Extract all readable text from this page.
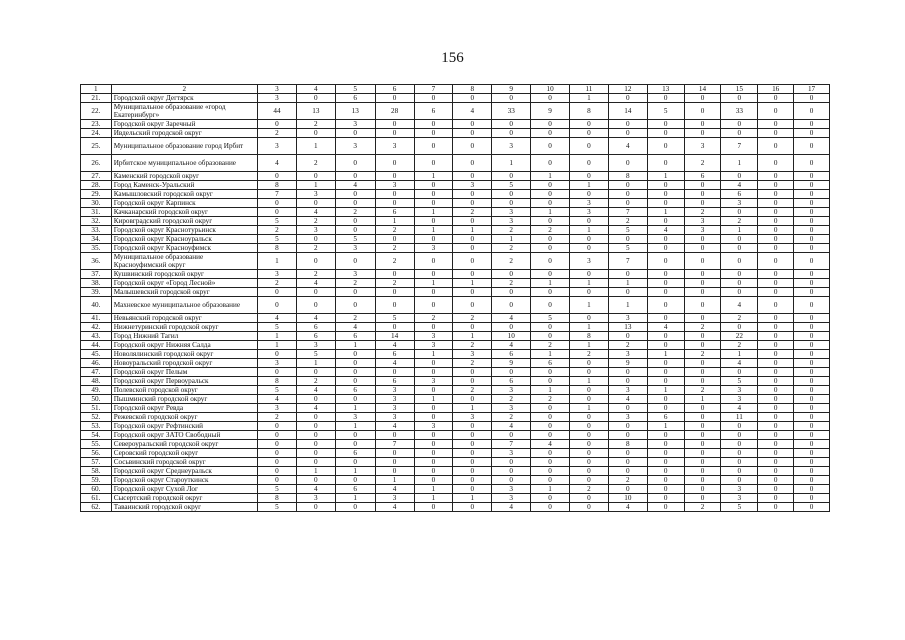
156
1	2	3	4	5	6	7	8	9	10	11	12	13	14	15	16	17
21.	Городской округ Дегтярск	3	0	6	0	0	0	0	0	1	0	0	0	0	0	0
22.	Муниципальное образование «город Екатеринбург»	44	13	13	28	6	4	33	9	8	14	5	0	33	0	0
23.	Городской округ Заречный	0	2	3	0	0	0	0	0	0	0	0	0	0	0	0
24.	Ивдельский городской округ	2	0	0	0	0	0	0	0	0	0	0	0	0	0	0
25.	Муниципальное образование город Ирбит	3	1	3	3	0	0	3	0	0	4	0	3	7	0	0
26.	Ирбитское муниципальное образование	4	2	0	0	0	0	1	0	0	0	0	2	1	0	0
27.	Каменский городской округ	0	0	0	0	1	0	0	1	0	8	1	6	0	0	0
28.	Город Каменск-Уральский	8	1	4	3	0	3	5	0	1	0	0	0	4	0	0
29.	Камышловский городской округ	7	3	0	0	0	0	0	0	0	0	0	0	6	0	0
30.	Городской округ Карпинск	0	0	0	0	0	0	0	0	3	0	0	0	3	0	0
31.	Качканарский городской округ	0	4	2	6	1	2	3	1	3	7	1	2	0	0	0
32.	Кировградский городской округ	5	2	0	1	0	0	3	0	0	2	0	3	2	0	0
33.	Городской округ Краснотурьинск	2	3	0	2	1	1	2	2	1	5	4	3	1	0	0
34.	Городской округ Красноуральск	5	0	5	0	0	0	1	0	0	0	0	0	0	0	0
35.	Городской округ Красноуфимск	8	2	3	2	3	0	2	0	0	5	0	0	0	0	0
36.	Муниципальное образование Красноуфимский округ	1	0	0	2	0	0	2	0	3	7	0	0	0	0	0
37.	Кушвинский городской округ	3	2	3	0	0	0	0	0	0	0	0	0	0	0	0
38.	Городской округ «Город Лесной»	2	4	2	2	1	1	2	1	1	1	0	0	0	0	0
39.	Малышевский городской округ	0	0	0	0	0	0	0	0	0	0	0	0	0	0	0
40.	Махневское муниципальное образование	0	0	0	0	0	0	0	0	1	1	0	0	4	0	0
41.	Невьянский городской округ	4	4	2	5	2	2	4	5	0	3	0	0	2	0	0
42.	Нижнетуринский городской округ	5	6	4	0	0	0	0	0	1	13	4	2	0	0	0
43.	Город Нижний Тагил	1	6	6	14	3	1	10	0	8	0	0	0	22	0	0
44.	Городской округ Нижняя Салда	1	3	1	4	3	2	4	2	1	2	0	0	2	0	0
45.	Новолялинский городской округ	0	5	0	6	1	3	6	1	2	3	1	2	1	0	0
46.	Новоуральский городской округ	3	1	0	4	0	2	9	6	0	9	0	0	4	0	0
47.	Городской округ Пелым	0	0	0	0	0	0	0	0	0	0	0	0	0	0	0
48.	Городской округ Первоуральск	8	2	0	6	3	0	6	0	1	0	0	0	5	0	0
49.	Полевской городской округ	5	4	6	3	0	2	3	1	0	3	1	2	3	0	0
50.	Пышминский городской округ	4	0	0	3	1	0	2	2	0	4	0	1	3	0	0
51.	Городской округ Ревда	3	4	1	3	0	1	3	0	1	0	0	0	4	0	0
52.	Режевской городской округ	2	0	3	3	0	3	2	0	0	3	6	0	11	0	0
53.	Городской округ Рефтинский	0	0	1	4	3	0	4	0	0	0	1	0	0	0	0
54.	Городской округ ЗАТО Свободный	0	0	0	0	0	0	0	0	0	0	0	0	0	0	0
55.	Североуральский городской округ	0	0	0	7	0	0	7	4	0	8	0	0	0	0	0
56.	Серовский городской округ	0	0	6	0	0	0	3	0	0	0	0	0	0	0	0
57.	Сосьвинский городской округ	0	0	0	0	0	0	0	0	0	0	0	0	0	0	0
58.	Городской округ Среднеуральск	0	1	1	0	0	0	0	0	0	0	0	0	0	0	0
59.	Городской округ Староуткинск	0	0	0	1	0	0	0	0	0	2	0	0	0	0	0
60.	Городской округ Сухой Лог	5	4	6	4	1	0	3	1	2	0	0	0	3	0	0
61.	Сысертский городской округ	8	3	1	3	1	1	3	0	0	10	0	0	3	0	0
62.	Таваинский городской округ	5	0	0	4	0	0	4	0	0	4	0	2	5	0	0
